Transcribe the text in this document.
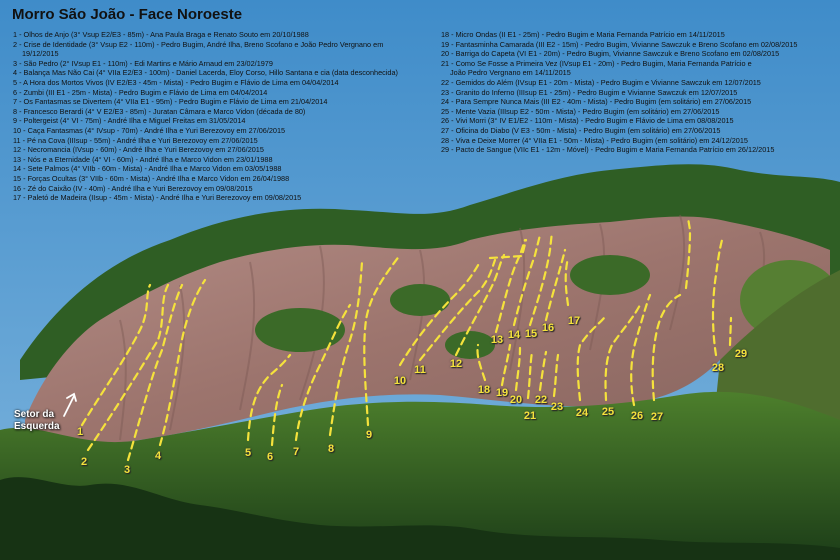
Morro São João - Face Noroeste
1 - Olhos de Anjo (3° Vsup E2/E3 - 85m) - Ana Paula Braga e Renato Souto em 20/10/1988
2 - Crise de Identidade (3° Vsup E2 - 110m) - Pedro Bugim, André Ilha, Breno Scofano e João Pedro Vergnano em
19/12/2015
3 - São Pedro (2° IVsup E1 - 110m) - Edi Martins e Mário Arnaud em 23/02/1979
4 - Balança Mas Não Cai (4° VIIa E2/E3 - 100m) - Daniel Lacerda, Eloy Corso, Hillo Santana e cia (data desconhecida)
5 - A Hora dos Mortos Vivos (IV E2/E3 - 45m - Mista) - Pedro Bugim e Flávio de Lima em 04/04/2014
6 - Zumbi (III E1 - 25m - Mista) - Pedro Bugim e Flávio de Lima em 04/04/2014
7 - Os Fantasmas se Divertem (4° VIIa E1 - 95m) - Pedro Bugim e Flávio de Lima em 21/04/2014
8 - Francesco Berardi (4° V E2/E3 - 85m) - Juratan Câmara e Marco Vidon (década de 80)
9 - Poltergeist (4° VI - 75m) - André Ilha e Miguel Freitas em 31/05/2014
10 - Caça Fantasmas (4° IVsup - 70m) - André Ilha e Yuri Berezovoy em 27/06/2015
11 - Pé na Cova (IIIsup - 55m) - André Ilha e Yuri Berezovoy em 27/06/2015
12 - Necromancia (IVsup - 60m) - André Ilha e Yuri Berezovoy em 27/06/2015
13 - Nós e a Eternidade (4° VI - 60m) - André Ilha e Marco Vidon em 23/01/1988
14 - Sete Palmos (4° VIIb - 60m - Mista) - André Ilha e Marco Vidon em 03/05/1988
15 - Forças Ocultas (3° VIIb - 60m - Mista) - André Ilha e Marco Vidon em 26/04/1988
16 - Zé do Caixão (IV - 40m) - André Ilha e Yuri Berezovoy em 09/08/2015
17 - Paletó de Madeira (IIsup - 45m - Mista) - André Ilha e Yuri Berezovoy em 09/08/2015
18 - Micro Ondas (II E1 - 25m) - Pedro Bugim e Maria Fernanda Patrício em 14/11/2015
19 - Fantasminha Camarada (III E2 - 15m) - Pedro Bugim, Vivianne Sawczuk e Breno Scofano em 02/08/2015
20 - Barriga do Capeta (VI E1 - 20m) - Pedro Bugim, Vivianne Sawczuk e Breno Scofano em 02/08/2015
21 - Como Se Fosse a Primeira Vez (IVsup E1 - 20m) - Pedro Bugim, Maria Fernanda Patrício e
João Pedro Vergnano em 14/11/2015
22 - Gemidos do Além (IVsup E1 - 20m - Mista) - Pedro Bugim e Vivianne Sawczuk em 12/07/2015
23 - Granito do Inferno (IIIsup E1 - 25m) - Pedro Bugim e Vivianne Sawczuk em 12/07/2015
24 - Para Sempre Nunca Mais (III E2 - 40m - Mista) - Pedro Bugim (em solitário) em 27/06/2015
25 - Mente Vazia (IIIsup E2 - 50m - Mista) - Pedro Bugim (em solitário) em 27/06/2015
26 - Vivi Morri (3° IV E1/E2 - 110m - Mista) - Pedro Bugim e Flávio de Lima em 08/08/2015
27 - Oficina do Diabo (V E3 - 50m - Mista) - Pedro Bugim (em solitário) em 27/06/2015
28 - Viva e Deixe Morrer (4° VIIa E1 - 50m - Mista) - Pedro Bugim (em solitário) em 24/12/2015
29 - Pacto de Sangue (VIIc E1 - 12m - Móvel) - Pedro Bugim e Maria Fernanda Patrício em 26/12/2015
Setor da
Esquerda 1
2
3
4	5 6 7	8
9
10
11 12
13 14 15 16
17
18 19
20
21
22
23 24 25 26 27
28
29
